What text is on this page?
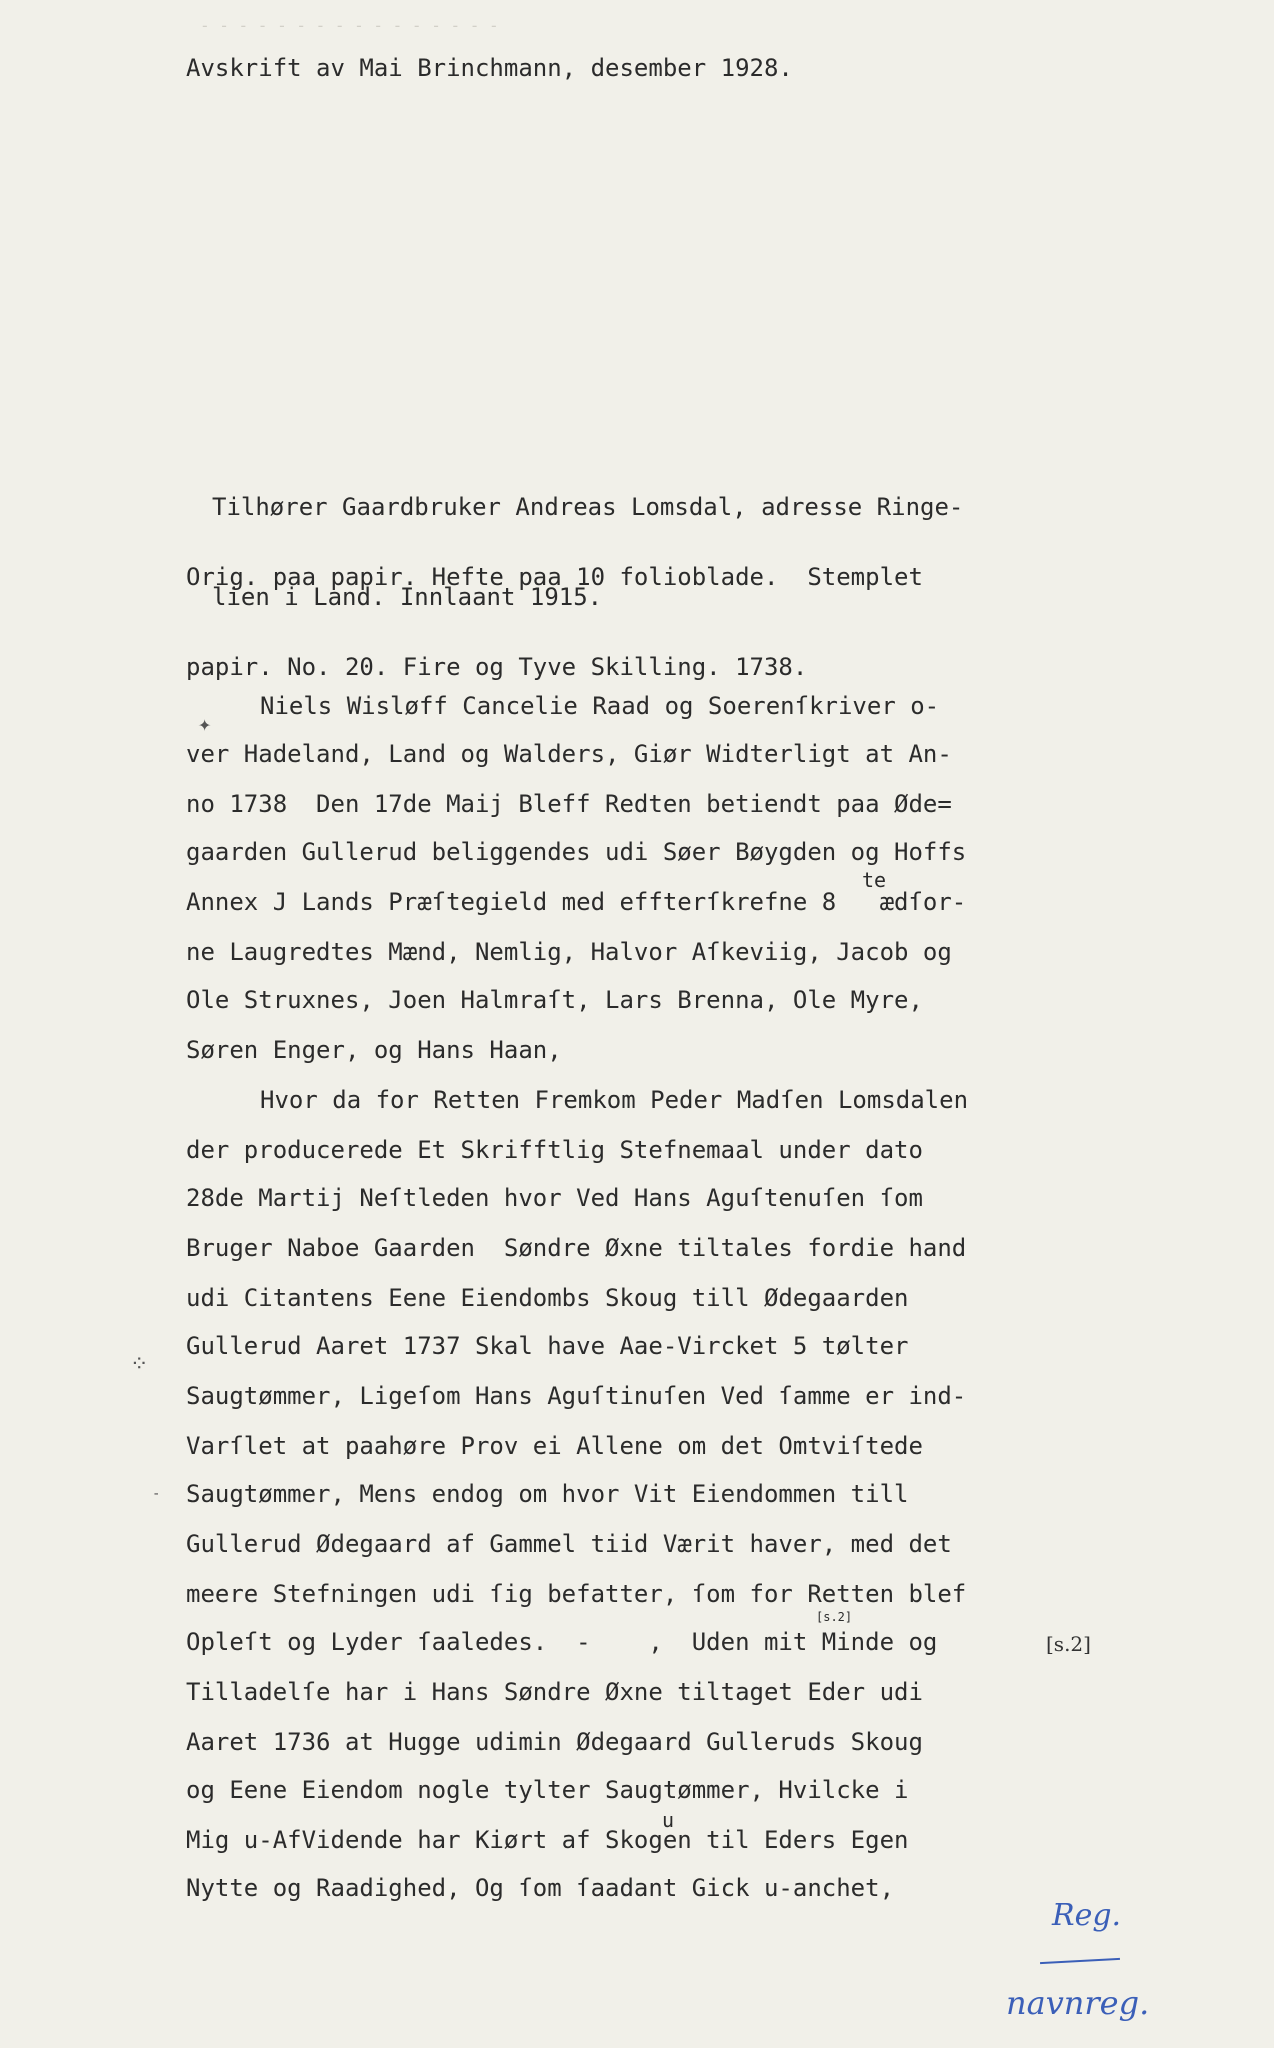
- - - - - - - - - - - - - - - -
Avskrift av Mai Brinchmann, desember 1928.

Tilhører Gaardbruker Andreas Lomsdal, adresse Ringe-

lien i Land. Innlaant 1915.

Orig. paa papir. Hefte paa 10 folioblade.  Stemplet

papir. No. 20. Fire og Tyve Skilling. 1738.

Niels Wisløff Cancelie Raad og Soerenſkriver o-
ver Hadeland, Land og Walders, Giør Widterligt at An-
no 1738  Den 17de Maij Bleff Redten betiendt paa Øde=
gaarden Gullerud beliggendes udi Søer Bøygden og Hoffs
Annex J Lands Præſtegield med effterſkrefne 8   ædſor-
ne Laugredtes Mænd, Nemlig, Halvor Aſkeviig, Jacob og
Ole Struxnes, Joen Halmraſt, Lars Brenna, Ole Myre,
Søren Enger, og Hans Haan,
Hvor da for Retten Fremkom Peder Madſen Lomsdalen
der producerede Et Skrifftlig Stefnemaal under dato
28de Martij Neſtleden hvor Ved Hans Aguſtenuſen ſom
Bruger Naboe Gaarden  Søndre Øxne tiltales fordie hand
udi Citantens Eene Eiendombs Skoug till Ødegaarden
Gullerud Aaret 1737 Skal have Aae-Vircket 5 tølter
Saugtømmer, Ligeſom Hans Aguſtinuſen Ved ſamme er ind-
Varſlet at paahøre Prov ei Allene om det Omtviſtede
Saugtømmer, Mens endog om hvor Vit Eiendommen till
Gullerud Ødegaard af Gammel tiid Værit haver, med det
meere Stefningen udi ſig befatter, ſom for Retten blef
Opleſt og Lyder ſaaledes.  -    ,  Uden mit Minde og
Tilladelſe har i Hans Søndre Øxne tiltaget Eder udi
Aaret 1736 at Hugge udimin Ødegaard Gulleruds Skoug
og Eene Eiendom nogle tylter Saugtømmer, Hvilcke i
Mig u-AfVidende har Kiørt af Skogen til Eders Egen
Nytte og Raadighed, Og ſom ſaadant Gick u-anchet,
te
u
[s.2]
[s.2]
✦
⁘
-
Reg.
navnreg.
